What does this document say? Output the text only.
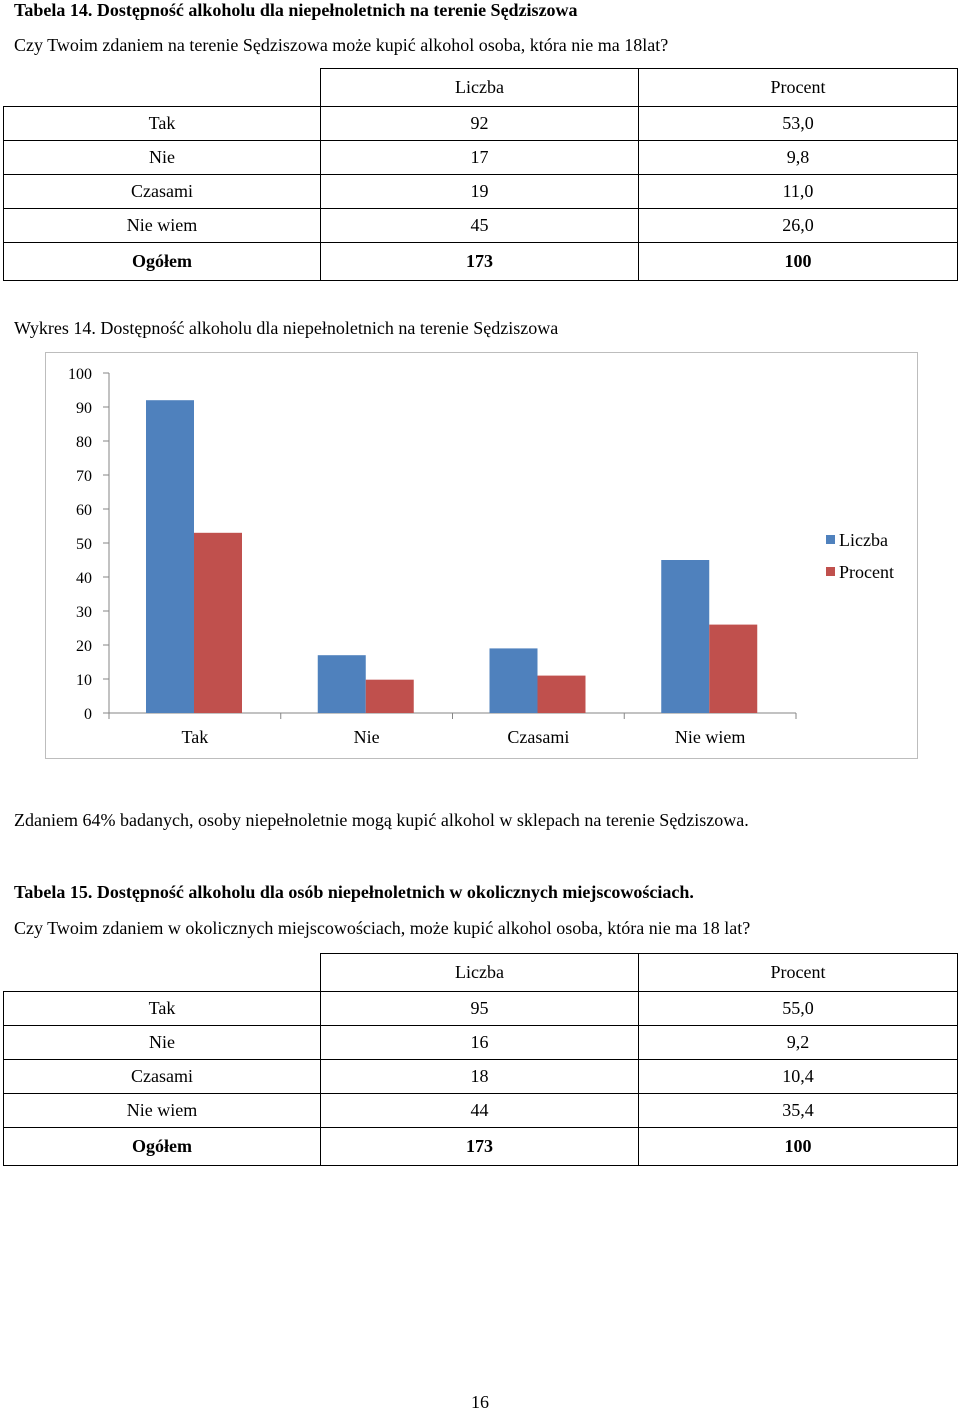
Tabela 14. Dostępność alkoholu dla niepełnoletnich na terenie Sędziszowa
Czy Twoim zdaniem na terenie Sędziszowa może kupić alkohol osoba, która nie ma 18lat?
	Liczba	Procent
Tak	92	53,0
Nie	17	9,8
Czasami	19	11,0
Nie wiem	45	26,0
Ogółem	173	100
Wykres 14. Dostępność alkoholu dla niepełnoletnich na terenie Sędziszowa
0
10
20
30
40
50
60
70
80
90
100
Tak	Nie	Czasami	Nie wiem
Liczba
Procent
Zdaniem 64% badanych, osoby niepełnoletnie mogą kupić alkohol w sklepach na terenie Sędziszowa.
Tabela 15. Dostępność alkoholu dla osób niepełnoletnich w okolicznych miejscowościach.
Czy Twoim zdaniem w okolicznych miejscowościach, może kupić alkohol osoba, która nie ma 18 lat?
	Liczba	Procent
Tak	95	55,0
Nie	16	9,2
Czasami	18	10,4
Nie wiem	44	35,4
Ogółem	173	100
16
